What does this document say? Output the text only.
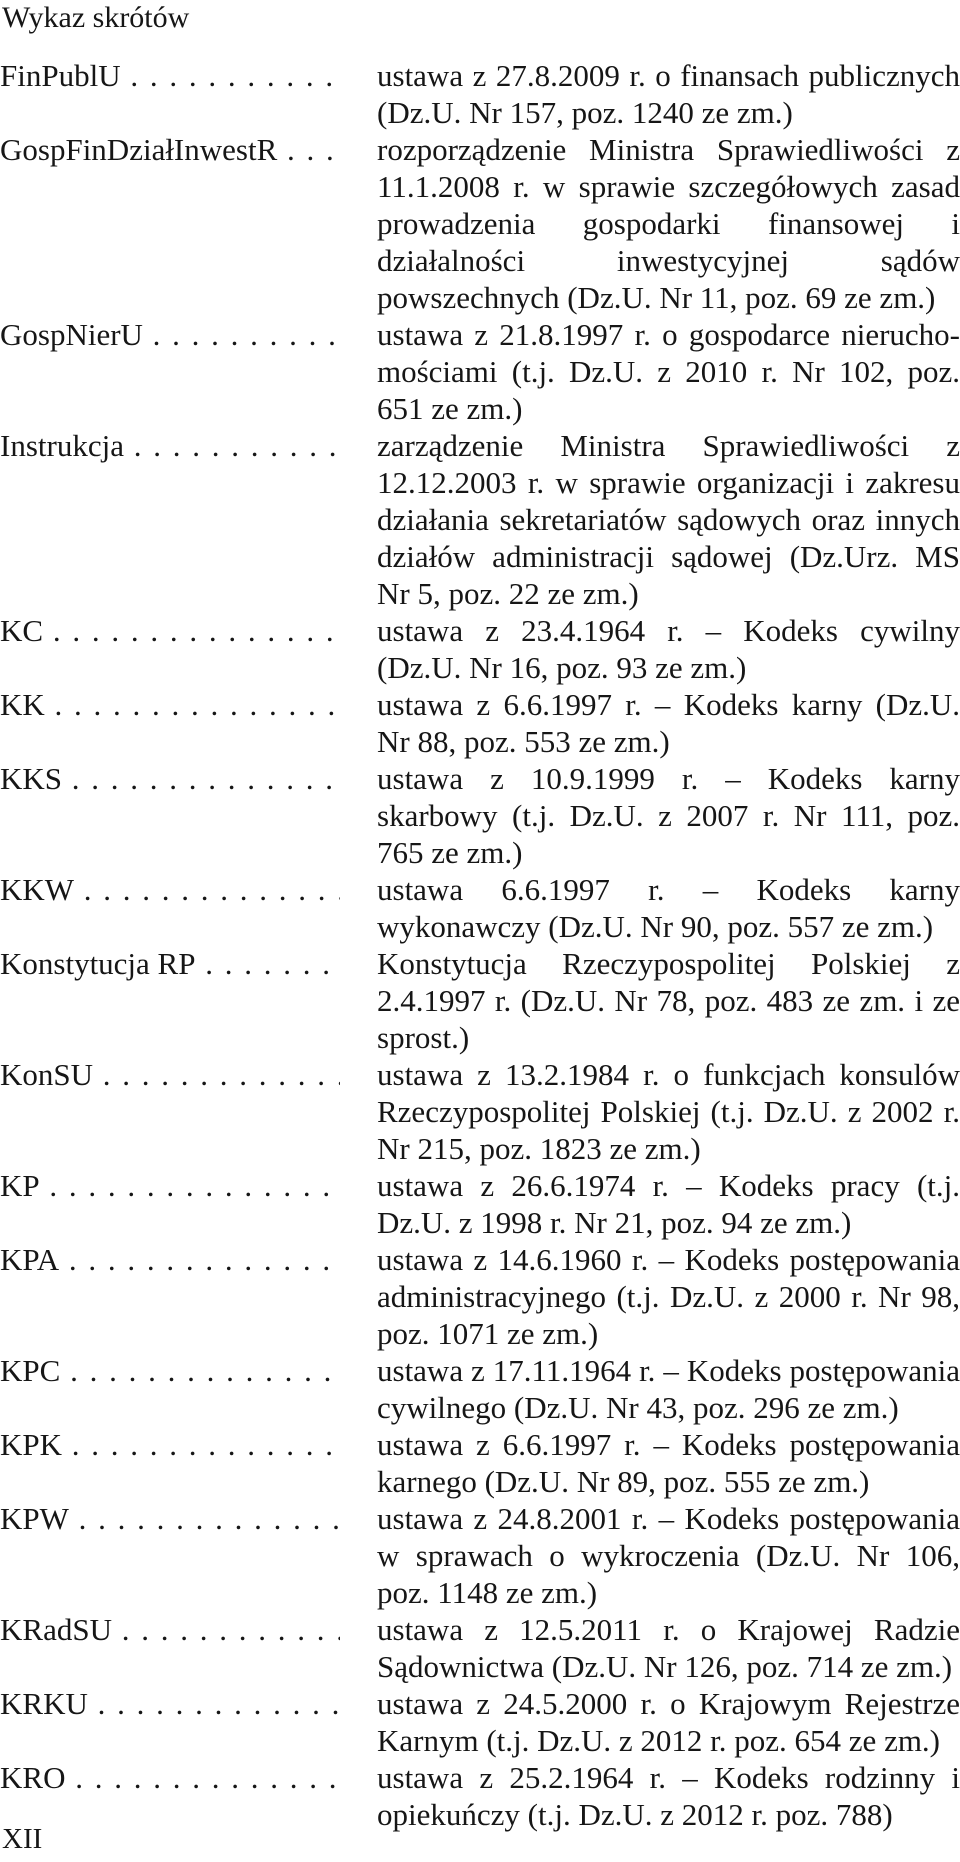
Wykaz skrótów
FinPublU . . .	ustawa z 27.8.2009 r. o finansach publicznych (Dz.U. Nr 157, poz. 1240 ze zm.)
GospFinDziałInwestR . . .	rozporządzenie Ministra Sprawiedliwości z 11.1.2008 r. w sprawie szczegółowych zasad prowadzenia gospodarki finansowej i działalności inwestycyjnej sądów powszechnych (Dz.U. Nr 11, poz. 69 ze zm.)
GospNierU . . .	ustawa z 21.8.1997 r. o gospodarce nieruchomościami (t.j. Dz.U. z 2010 r. Nr 102, poz. 651 ze zm.)
Instrukcja . . .	zarządzenie Ministra Sprawiedliwości z 12.12.2003 r. w sprawie organizacji i zakresu działania sekretariatów sądowych oraz innych działów administracji sądowej (Dz.Urz. MS Nr 5, poz. 22 ze zm.)
KC . . .	ustawa z 23.4.1964 r. – Kodeks cywilny (Dz.U. Nr 16, poz. 93 ze zm.)
KK . . .	ustawa z 6.6.1997 r. – Kodeks karny (Dz.U. Nr 88, poz. 553 ze zm.)
KKS . . .	ustawa z 10.9.1999 r. – Kodeks karny skarbowy (t.j. Dz.U. z 2007 r. Nr 111, poz. 765 ze zm.)
KKW . . .	ustawa 6.6.1997 r. – Kodeks karny wykonawczy (Dz.U. Nr 90, poz. 557 ze zm.)
Konstytucja RP . . .	Konstytucja Rzeczypospolitej Polskiej z 2.4.1997 r. (Dz.U. Nr 78, poz. 483 ze zm. i ze sprost.)
KonSU . . .	ustawa z 13.2.1984 r. o funkcjach konsulów Rzeczypospolitej Polskiej (t.j. Dz.U. z 2002 r. Nr 215, poz. 1823 ze zm.)
KP . . .	ustawa z 26.6.1974 r. – Kodeks pracy (t.j. Dz.U. z 1998 r. Nr 21, poz. 94 ze zm.)
KPA . . .	ustawa z 14.6.1960 r. – Kodeks postępowania administracyjnego (t.j. Dz.U. z 2000 r. Nr 98, poz. 1071 ze zm.)
KPC . . .	ustawa z 17.11.1964 r. – Kodeks postępowania cywilnego (Dz.U. Nr 43, poz. 296 ze zm.)
KPK . . .	ustawa z 6.6.1997 r. – Kodeks postępowania karnego (Dz.U. Nr 89, poz. 555 ze zm.)
KPW . . .	ustawa z 24.8.2001 r. – Kodeks postępowania w sprawach o wykroczenia (Dz.U. Nr 106, poz. 1148 ze zm.)
KRadSU . . .	ustawa z 12.5.2011 r. o Krajowej Radzie Sądownictwa (Dz.U. Nr 126, poz. 714 ze zm.)
KRKU . . .	ustawa z 24.5.2000 r. o Krajowym Rejestrze Karnym (t.j. Dz.U. z 2012 r. poz. 654 ze zm.)
KRO . . .	ustawa z 25.2.1964 r. – Kodeks rodzinny i opiekuńczy (t.j. Dz.U. z 2012 r. poz. 788)
XII
